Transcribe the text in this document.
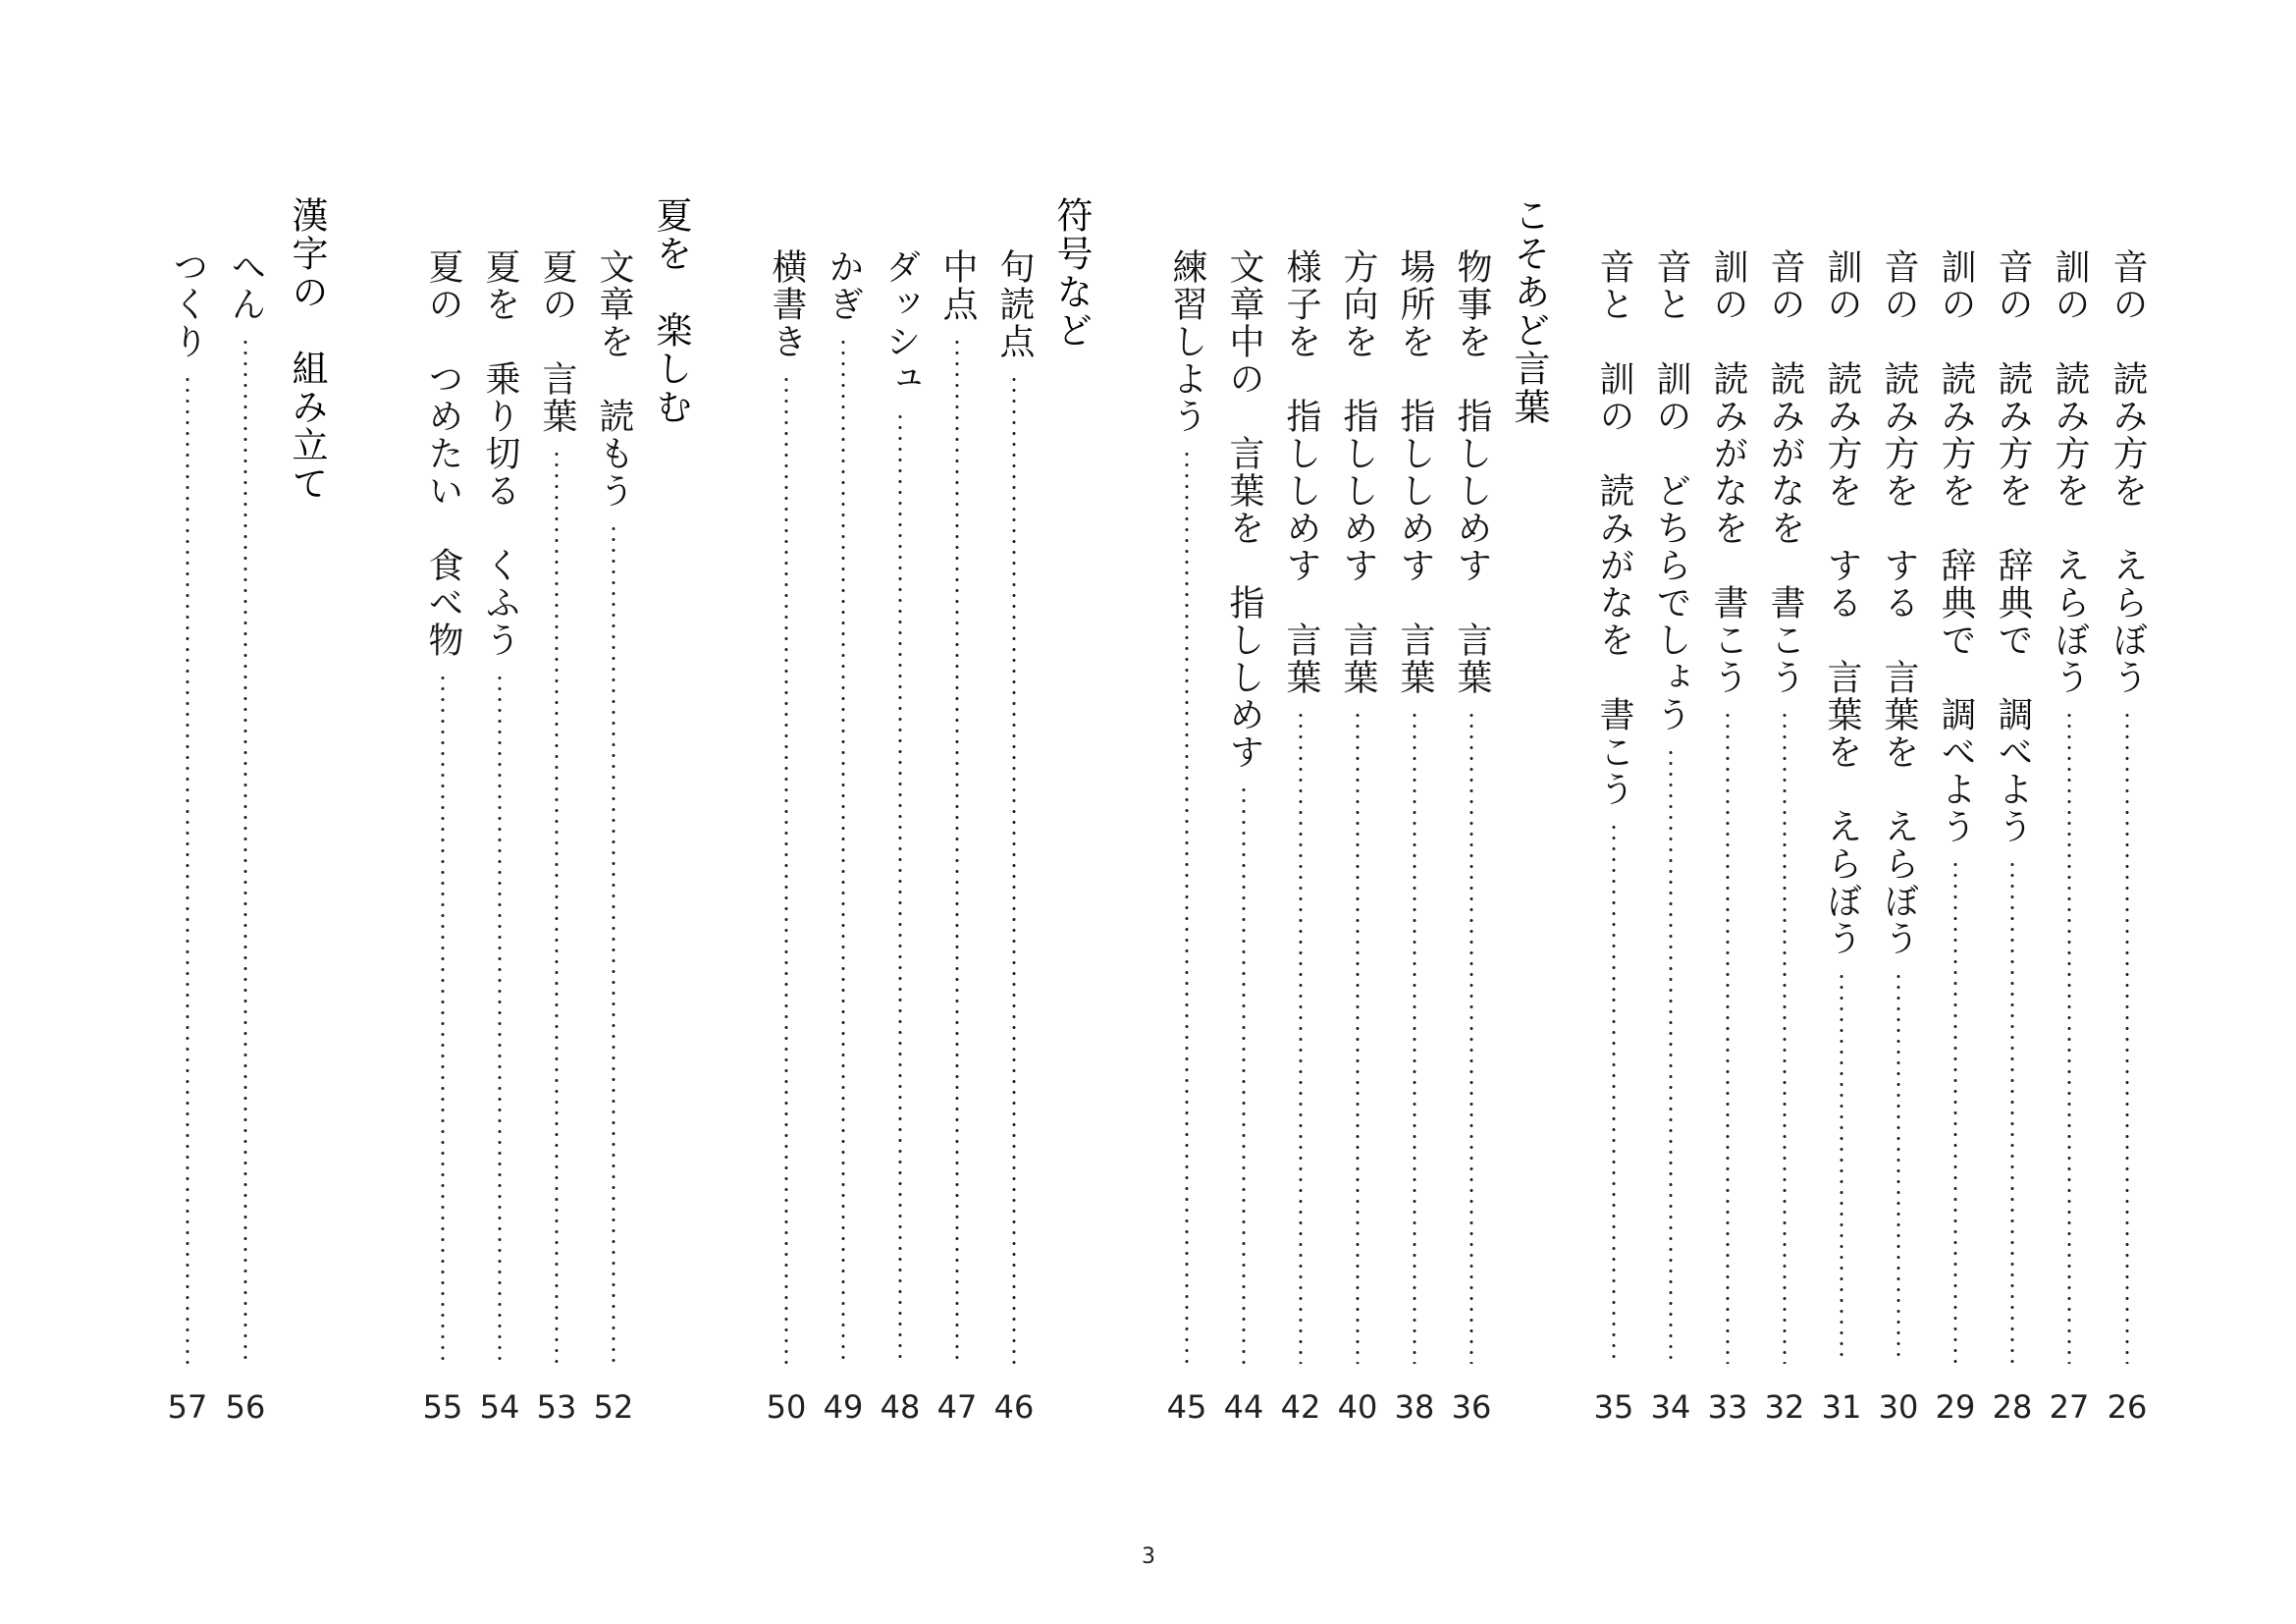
音の　読み方を　えらぼう
26
訓の　読み方を　えらぼう
27
音の　読み方を　辞典で　調べよう
28
訓の　読み方を　辞典で　調べよう
29
音の　読み方を　する　言葉を　えらぼう
30
訓の　読み方を　する　言葉を　えらぼう
31
音の　読みがなを　書こう
32
訓の　読みがなを　書こう
33
音と　訓の　どちらでしょう
34
音と　訓の　読みがなを　書こう
35
こそあど言葉
物事を　指ししめす　言葉
36
場所を　指ししめす　言葉
38
方向を　指ししめす　言葉
40
様子を　指ししめす　言葉
42
文章中の　言葉を　指ししめす
44
練習しよう
45
符号など
句読点
46
中点
47
ダッシュ
48
かぎ
49
横書き
50
夏を　楽しむ
文章を　読もう
52
夏の　言葉
53
夏を　乗り切る　くふう
54
夏の　つめたい　食べ物
55
漢字の　組み立て
へん
56
つくり
57
3
